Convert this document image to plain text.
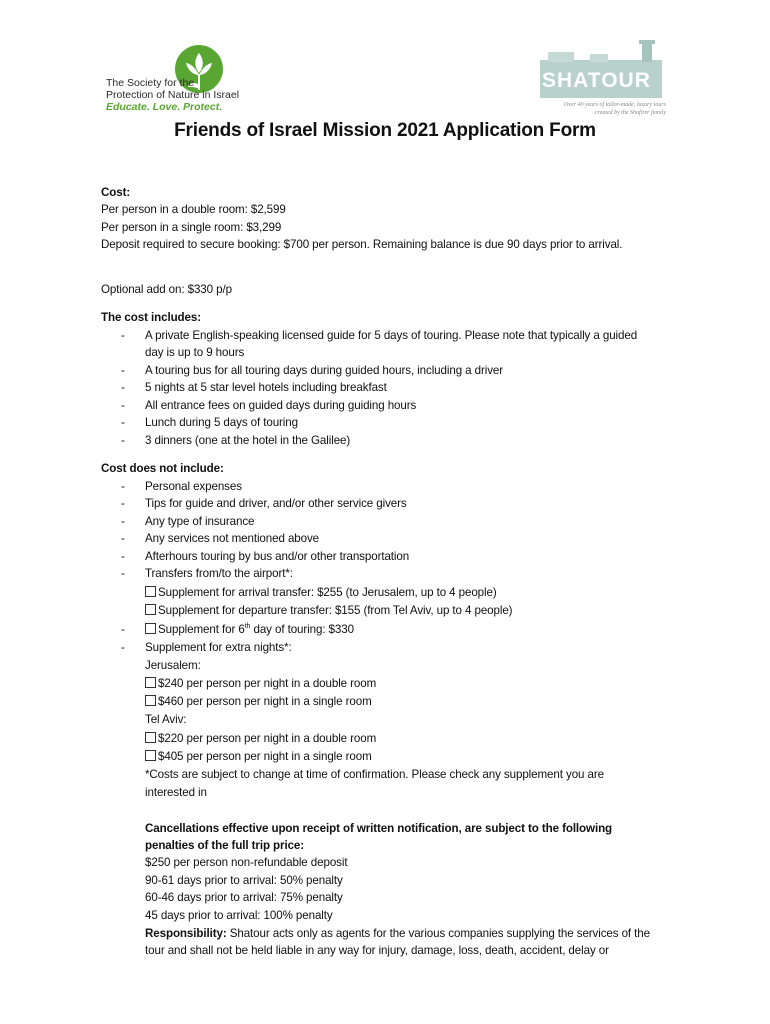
The Society for the
Protection of Nature in Israel
Educate. Love. Protect.
SHATOUR
Over 40 years of tailor-made, luxury tours
created by the Shafirer family
Friends of Israel Mission 2021 Application Form
Cost:
Per person in a double room: $2,599
Per person in a single room: $3,299
Deposit required to secure booking: $700 per person. Remaining balance is due 90 days prior to arrival.
Optional add on: $330 p/p
The cost includes:
- A private English-speaking licensed guide for 5 days of touring. Please note that typically a guided
day is up to 9 hours
- A touring bus for all touring days during guided hours, including a driver
- 5 nights at 5 star level hotels including breakfast
- All entrance fees on guided days during guiding hours
- Lunch during 5 days of touring
- 3 dinners (one at the hotel in the Galilee)
Cost does not include:
- Personal expenses
- Tips for guide and driver, and/or other service givers
- Any type of insurance
- Any services not mentioned above
- Afterhours touring by bus and/or other transportation
- Transfers from/to the airport*:
Supplement for arrival transfer: $255 (to Jerusalem, up to 4 people)
Supplement for departure transfer: $155 (from Tel Aviv, up to 4 people)
-	Supplement for 6th day of touring: $330
- Supplement for extra nights*:
Jerusalem:
$240 per person per night in a double room
$460 per person per night in a single room
Tel Aviv:
$220 per person per night in a double room
$405 per person per night in a single room
*Costs are subject to change at time of confirmation. Please check any supplement you are
interested in
Cancellations effective upon receipt of written notification, are subject to the following
penalties of the full trip price:
$250 per person non-refundable deposit
90-61 days prior to arrival: 50% penalty
60-46 days prior to arrival: 75% penalty
45 days prior to arrival: 100% penalty
Responsibility: Shatour acts only as agents for the various companies supplying the services of the
tour and shall not be held liable in any way for injury, damage, loss, death, accident, delay or
